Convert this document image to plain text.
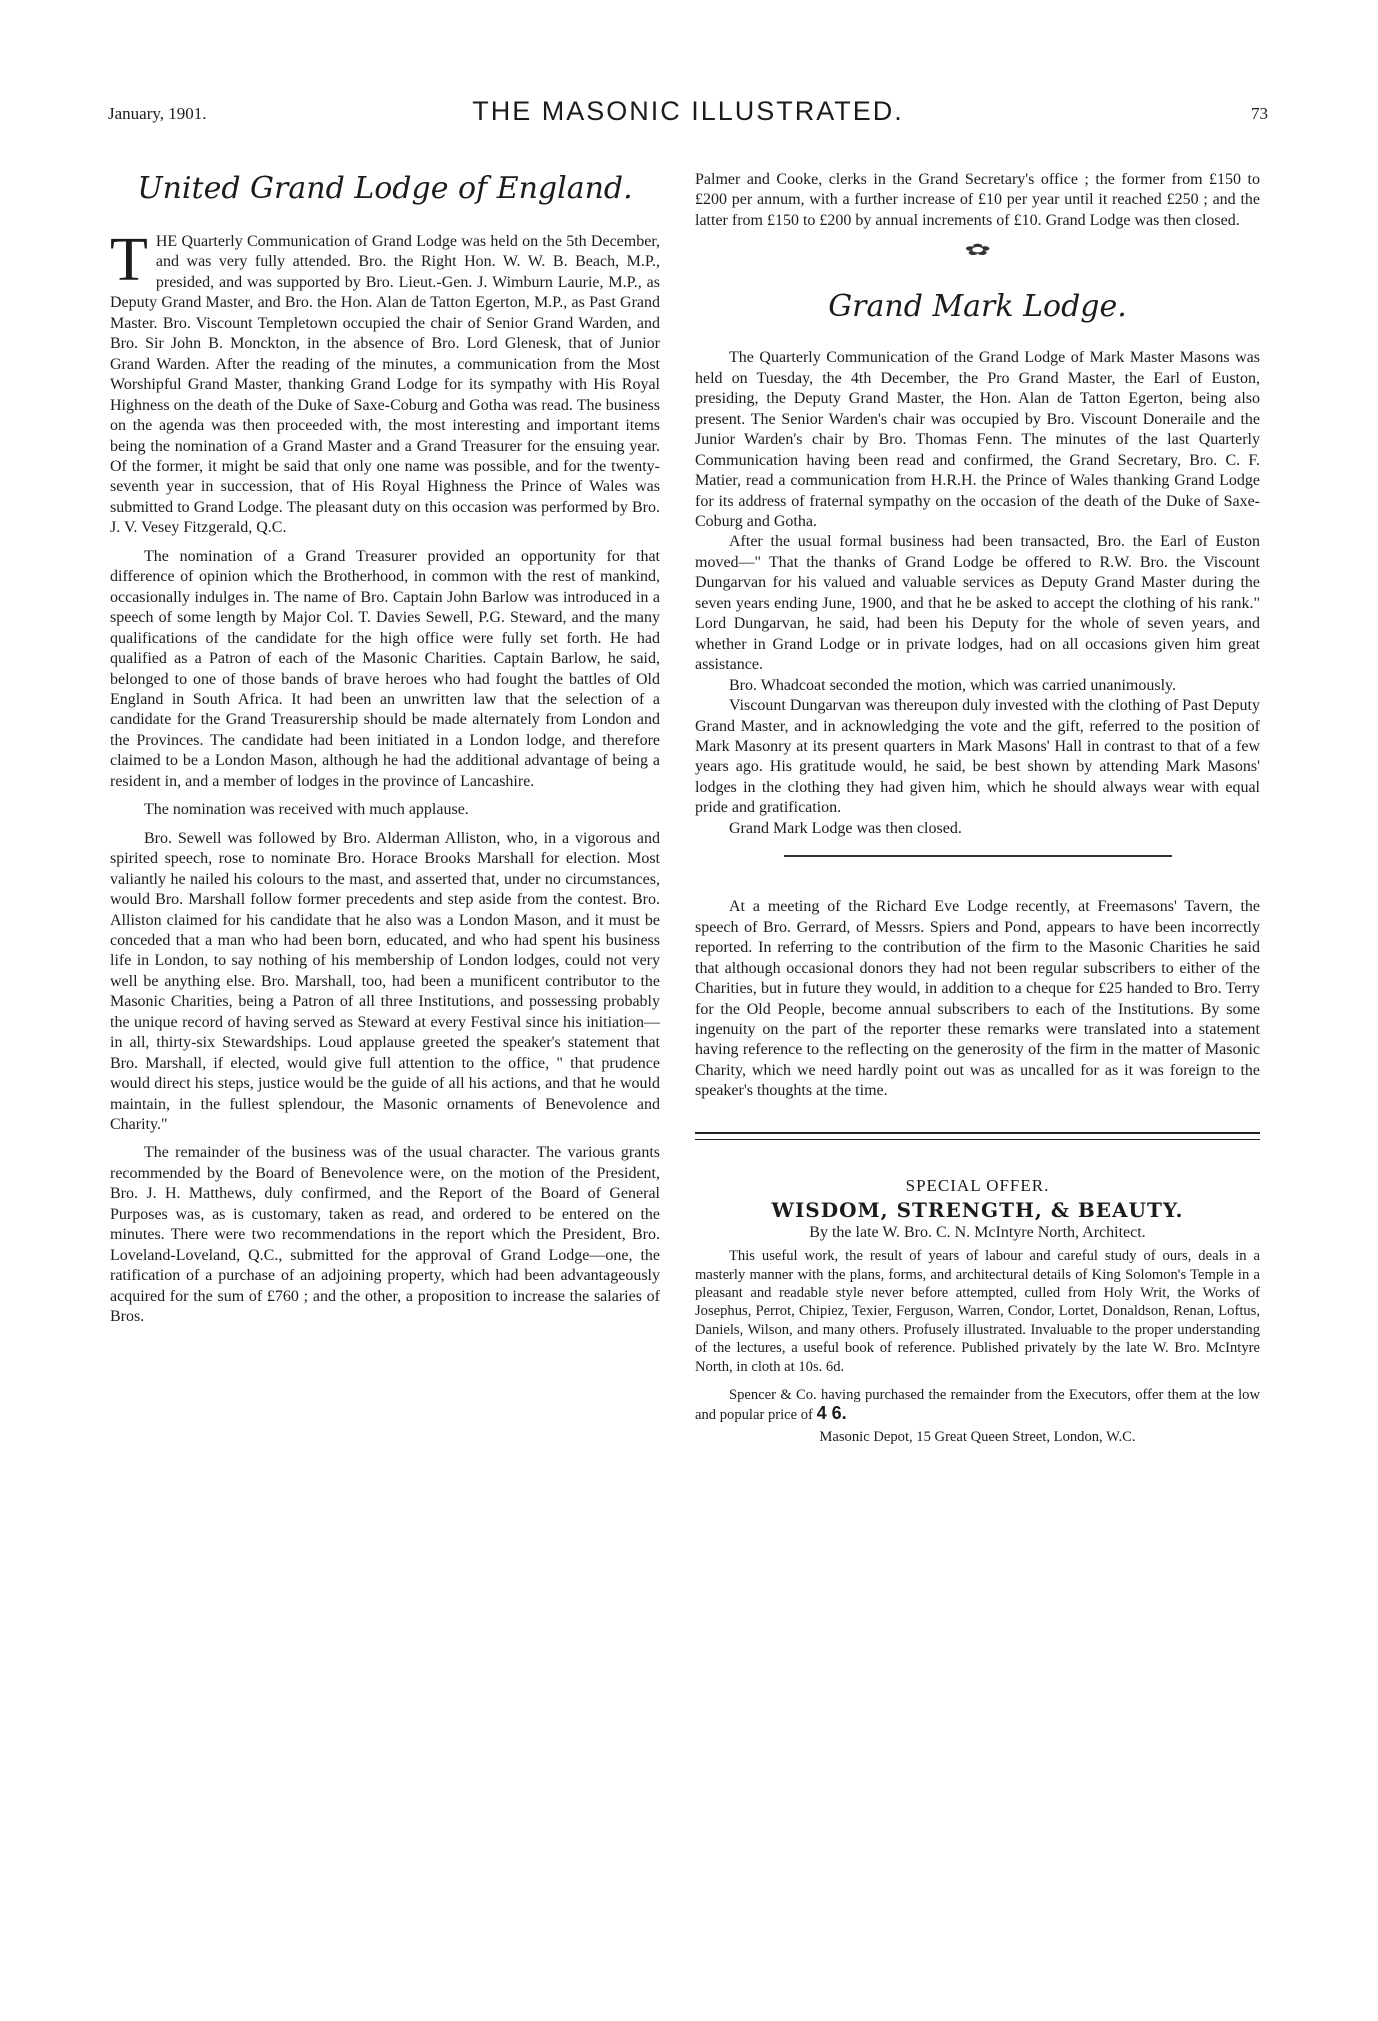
January, 1901.	THE MASONIC ILLUSTRATED.	73
United Grand Lodge of England.

THE Quarterly Communication of Grand Lodge was held on the 5th December, and was very fully attended. Bro. the Right Hon. W. W. B. Beach, M.P., presided, and was supported by Bro. Lieut.-Gen. J. Wimburn Laurie, M.P., as Deputy Grand Master, and Bro. the Hon. Alan de Tatton Egerton, M.P., as Past Grand Master. Bro. Viscount Templetown occupied the chair of Senior Grand Warden, and Bro. Sir John B. Monckton, in the absence of Bro. Lord Glenesk, that of Junior Grand Warden. After the reading of the minutes, a communication from the Most Worshipful Grand Master, thanking Grand Lodge for its sympathy with His Royal Highness on the death of the Duke of Saxe-Coburg and Gotha was read. The business on the agenda was then proceeded with, the most interesting and important items being the nomination of a Grand Master and a Grand Treasurer for the ensuing year. Of the former, it might be said that only one name was possible, and for the twenty-seventh year in succession, that of His Royal Highness the Prince of Wales was submitted to Grand Lodge. The pleasant duty on this occasion was performed by Bro. J. V. Vesey Fitzgerald, Q.C.

The nomination of a Grand Treasurer provided an opportunity for that difference of opinion which the Brotherhood, in common with the rest of mankind, occasionally indulges in. The name of Bro. Captain John Barlow was introduced in a speech of some length by Major Col. T. Davies Sewell, P.G. Steward, and the many qualifications of the candidate for the high office were fully set forth. He had qualified as a Patron of each of the Masonic Charities. Captain Barlow, he said, belonged to one of those bands of brave heroes who had fought the battles of Old England in South Africa. It had been an unwritten law that the selection of a candidate for the Grand Treasurership should be made alternately from London and the Provinces. The candidate had been initiated in a London lodge, and therefore claimed to be a London Mason, although he had the additional advantage of being a resident in, and a member of lodges in the province of Lancashire.

The nomination was received with much applause.

Bro. Sewell was followed by Bro. Alderman Alliston, who, in a vigorous and spirited speech, rose to nominate Bro. Horace Brooks Marshall for election. Most valiantly he nailed his colours to the mast, and asserted that, under no circumstances, would Bro. Marshall follow former precedents and step aside from the contest. Bro. Alliston claimed for his candidate that he also was a London Mason, and it must be conceded that a man who had been born, educated, and who had spent his business life in London, to say nothing of his membership of London lodges, could not very well be anything else. Bro. Marshall, too, had been a munificent contributor to the Masonic Charities, being a Patron of all three Institutions, and possessing probably the unique record of having served as Steward at every Festival since his initiation—in all, thirty-six Stewardships. Loud applause greeted the speaker's statement that Bro. Marshall, if elected, would give full attention to the office, " that prudence would direct his steps, justice would be the guide of all his actions, and that he would maintain, in the fullest splendour, the Masonic ornaments of Benevolence and Charity."

The remainder of the business was of the usual character. The various grants recommended by the Board of Benevolence were, on the motion of the President, Bro. J. H. Matthews, duly confirmed, and the Report of the Board of General Purposes was, as is customary, taken as read, and ordered to be entered on the minutes. There were two recommendations in the report which the President, Bro. Loveland-Loveland, Q.C., submitted for the approval of Grand Lodge—one, the ratification of a purchase of an adjoining property, which had been advantageously acquired for the sum of £760 ; and the other, a proposition to increase the salaries of Bros.

Palmer and Cooke, clerks in the Grand Secretary's office ; the former from £150 to £200 per annum, with a further increase of £10 per year until it reached £250 ; and the latter from £150 to £200 by annual increments of £10. Grand Lodge was then closed.

✿
Grand Mark Lodge.

The Quarterly Communication of the Grand Lodge of Mark Master Masons was held on Tuesday, the 4th December, the Pro Grand Master, the Earl of Euston, presiding, the Deputy Grand Master, the Hon. Alan de Tatton Egerton, being also present. The Senior Warden's chair was occupied by Bro. Viscount Doneraile and the Junior Warden's chair by Bro. Thomas Fenn. The minutes of the last Quarterly Communication having been read and confirmed, the Grand Secretary, Bro. C. F. Matier, read a communication from H.R.H. the Prince of Wales thanking Grand Lodge for its address of fraternal sympathy on the occasion of the death of the Duke of Saxe-Coburg and Gotha.

After the usual formal business had been transacted, Bro. the Earl of Euston moved—" That the thanks of Grand Lodge be offered to R.W. Bro. the Viscount Dungarvan for his valued and valuable services as Deputy Grand Master during the seven years ending June, 1900, and that he be asked to accept the clothing of his rank." Lord Dungarvan, he said, had been his Deputy for the whole of seven years, and whether in Grand Lodge or in private lodges, had on all occasions given him great assistance.

Bro. Whadcoat seconded the motion, which was carried unanimously.

Viscount Dungarvan was thereupon duly invested with the clothing of Past Deputy Grand Master, and in acknowledging the vote and the gift, referred to the position of Mark Masonry at its present quarters in Mark Masons' Hall in contrast to that of a few years ago. His gratitude would, he said, be best shown by attending Mark Masons' lodges in the clothing they had given him, which he should always wear with equal pride and gratification.

Grand Mark Lodge was then closed.

At a meeting of the Richard Eve Lodge recently, at Freemasons' Tavern, the speech of Bro. Gerrard, of Messrs. Spiers and Pond, appears to have been incorrectly reported. In referring to the contribution of the firm to the Masonic Charities he said that although occasional donors they had not been regular subscribers to either of the Charities, but in future they would, in addition to a cheque for £25 handed to Bro. Terry for the Old People, become annual subscribers to each of the Institutions. By some ingenuity on the part of the reporter these remarks were translated into a statement having reference to the reflecting on the generosity of the firm in the matter of Masonic Charity, which we need hardly point out was as uncalled for as it was foreign to the speaker's thoughts at the time.

SPECIAL OFFER.

WISDOM, STRENGTH, & BEAUTY.

By the late W. Bro. C. N. McIntyre North, Architect.

This useful work, the result of years of labour and careful study of ours, deals in a masterly manner with the plans, forms, and architectural details of King Solomon's Temple in a pleasant and readable style never before attempted, culled from Holy Writ, the Works of Josephus, Perrot, Chipiez, Texier, Ferguson, Warren, Condor, Lortet, Donaldson, Renan, Loftus, Daniels, Wilson, and many others. Profusely illustrated. Invaluable to the proper understanding of the lectures, a useful book of reference. Published privately by the late W. Bro. McIntyre North, in cloth at 10s. 6d.

Spencer & Co. having purchased the remainder from the Executors, offer them at the low and popular price of 4 6.

Masonic Depot, 15 Great Queen Street, London, W.C.
